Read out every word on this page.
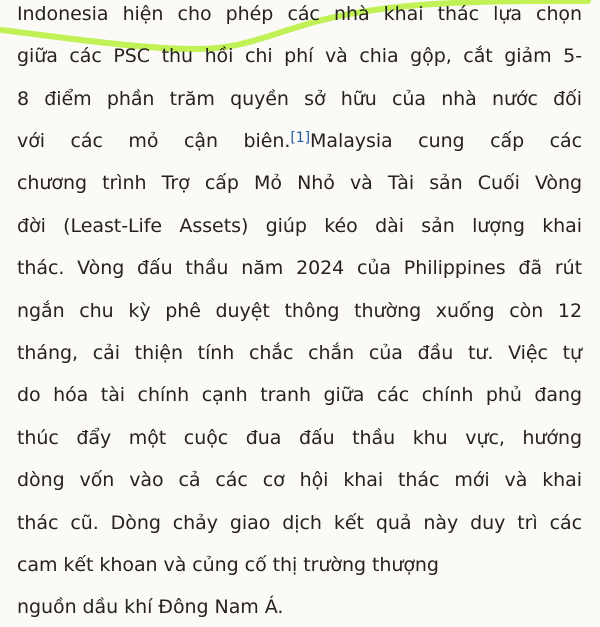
Indonesia hiện cho phép các nhà khai thác lựa chọn
giữa các PSC thu hồi chi phí và chia gộp, cắt giảm 5-
8 điểm phần trăm quyền sở hữu của nhà nước đối
với các mỏ cận biên.[1]Malaysia cung cấp các
chương trình Trợ cấp Mỏ Nhỏ và Tài sản Cuối Vòng
đời (Least-Life Assets) giúp kéo dài sản lượng khai
thác. Vòng đấu thầu năm 2024 của Philippines đã rút
ngắn chu kỳ phê duyệt thông thường xuống còn 12
tháng, cải thiện tính chắc chắn của đầu tư. Việc tự
do hóa tài chính cạnh tranh giữa các chính phủ đang
thúc đẩy một cuộc đua đấu thầu khu vực, hướng
dòng vốn vào cả các cơ hội khai thác mới và khai
thác cũ. Dòng chảy giao dịch kết quả này duy trì các
cam kết khoan và củng cố thị trường thượng
nguồn dầu khí Đông Nam Á.
